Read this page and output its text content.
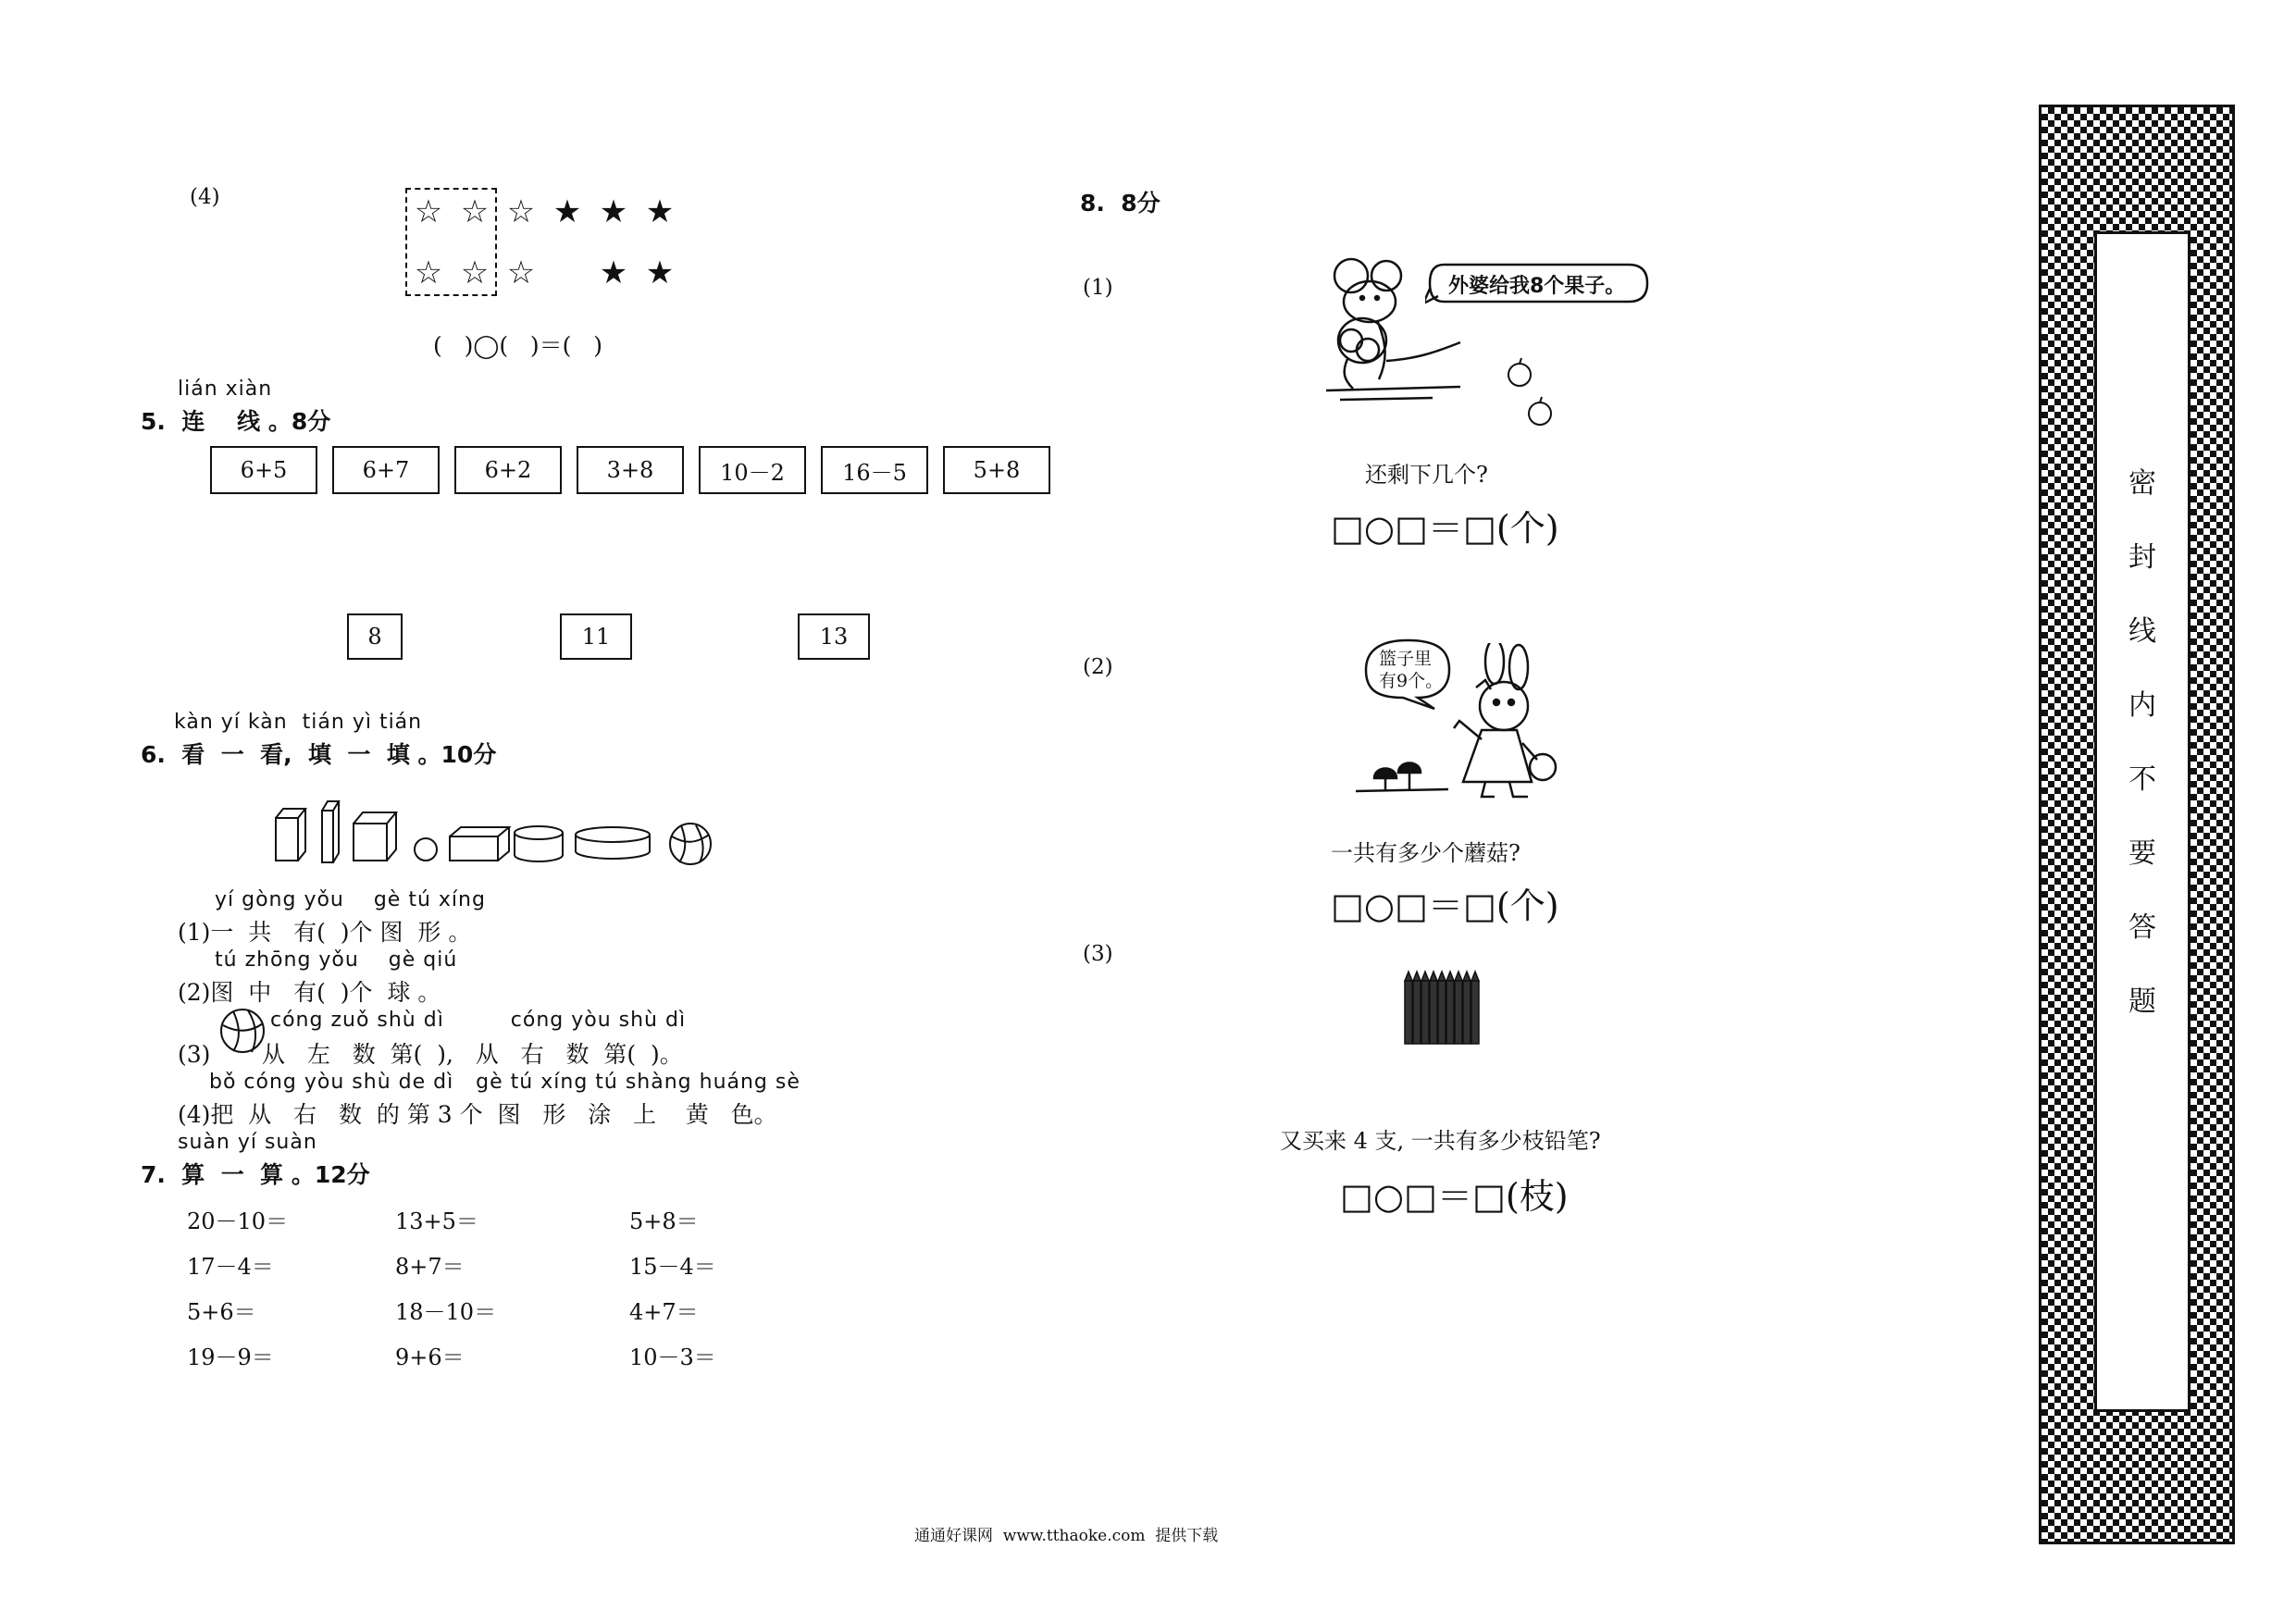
(4)	☆ ☆ ☆ ★ ★ ★
☆ ☆ ☆ ★ ★
(   )◯(   )＝(   )
lián xiàn
5.  连    线 。8分
6+5	6+7	6+2	3+8	10－2	16－5	5+8
8	11	13
kàn yí kàn  tián yì tián
6.  看  一  看,  填  一  填 。10分
yí gòng yǒu    gè tú xíng
(1)一  共   有(  )个 图  形 。
tú zhōng yǒu    gè qiú
(2)图  中   有(  )个  球 。
cóng zuǒ shù dì         cóng yòu shù dì
(3)       从   左   数  第(  ),   从   右   数  第(  )。
bǒ cóng yòu shù de dì   gè tú xíng tú shàng huáng sè
(4)把  从   右   数  的 第 3 个  图   形   涂   上    黄   色。
suàn yí suàn
7.  算  一  算 。12分
20－10＝	13+5＝	5+8＝
17－4＝	8+7＝	15－4＝
5+6＝	18－10＝	4+7＝
19－9＝	9+6＝	10－3＝
8.  8分
(1)	外婆给我8个果子。
还剩下几个?
□○□＝□(个)
(2)	篮子里
有9个。
一共有多少个蘑菇?
□○□＝□(个)
(3)
又买来 4 支, 一共有多少枝铅笔?
□○□＝□(枝)
密
封
线
内
不
要
答
题
通通好课网  www.tthaoke.com  提供下载
